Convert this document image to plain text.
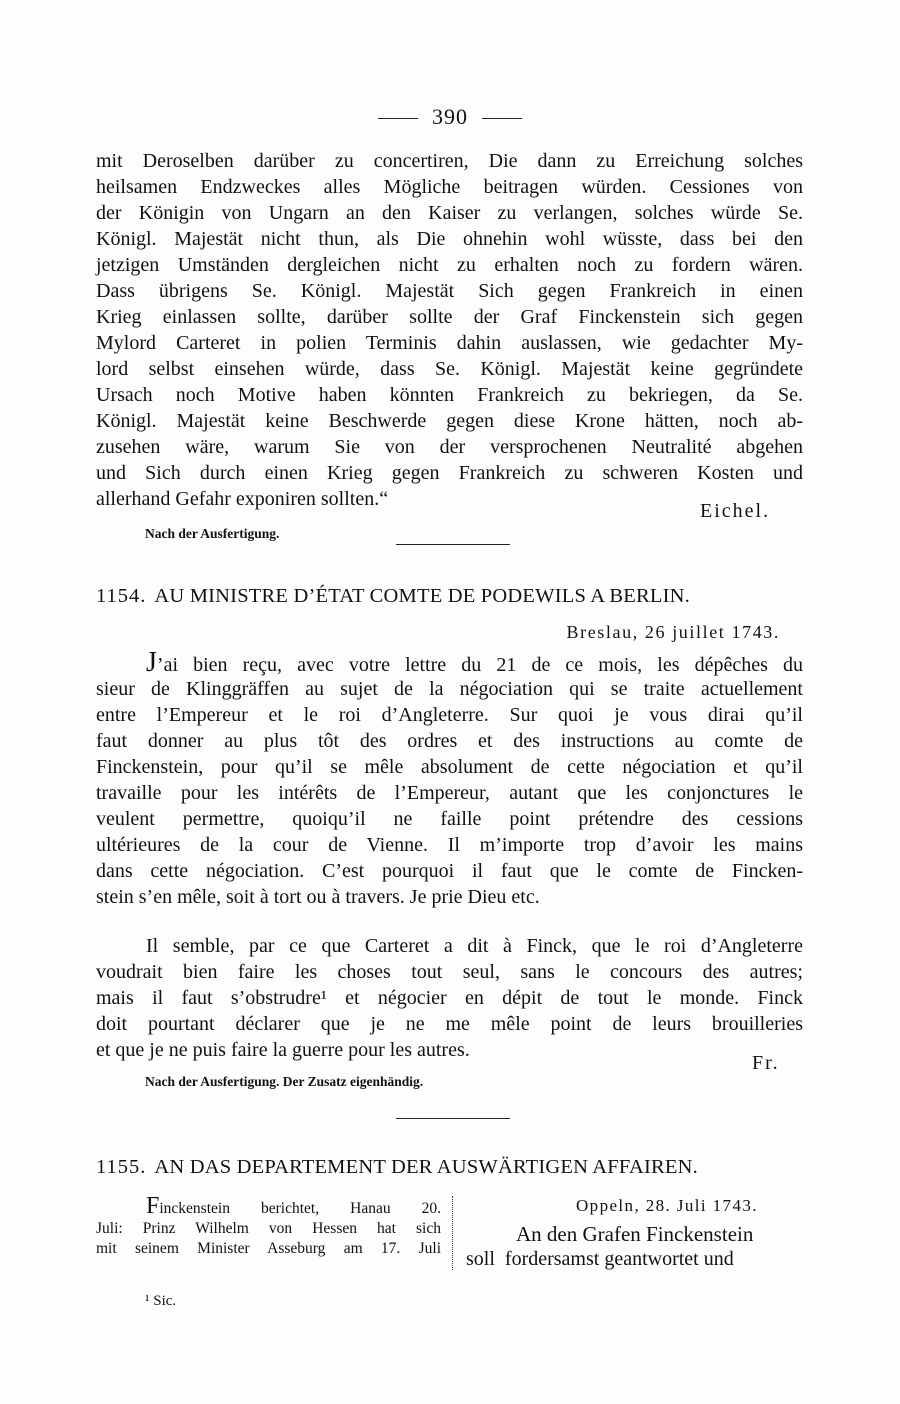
390
mit Deroselben darüber zu concertiren, Die dann zu Erreichung solches
heilsamen Endzweckes alles Mögliche beitragen würden. Cessiones von
der Königin von Ungarn an den Kaiser zu verlangen, solches würde Se.
Königl. Majestät nicht thun, als Die ohnehin wohl wüsste, dass bei den
jetzigen Umständen dergleichen nicht zu erhalten noch zu fordern wären.
Dass übrigens Se. Königl. Majestät Sich gegen Frankreich in einen
Krieg einlassen sollte, darüber sollte der Graf Finckenstein sich gegen
Mylord Carteret in polien Terminis dahin auslassen, wie gedachter My-
lord selbst einsehen würde, dass Se. Königl. Majestät keine gegründete
Ursach noch Motive haben könnten Frankreich zu bekriegen, da Se.
Königl. Majestät keine Beschwerde gegen diese Krone hätten, noch ab-
zusehen wäre, warum Sie von der versprochenen Neutralité abgehen
und Sich durch einen Krieg gegen Frankreich zu schweren Kosten und
allerhand Gefahr exponiren sollten.“
Eichel.
Nach der Ausfertigung.
1154. AU MINISTRE D’ÉTAT COMTE DE PODEWILS A BERLIN.
Breslau, 26 juillet 1743.
J’ai bien reçu, avec votre lettre du 21 de ce mois, les dépêches du
sieur de Klinggräffen au sujet de la négociation qui se traite actuellement
entre l’Empereur et le roi d’Angleterre. Sur quoi je vous dirai qu’il
faut donner au plus tôt des ordres et des instructions au comte de
Finckenstein, pour qu’il se mêle absolument de cette négociation et qu’il
travaille pour les intérêts de l’Empereur, autant que les conjonctures le
veulent permettre, quoiqu’il ne faille point prétendre des cessions
ultérieures de la cour de Vienne. Il m’importe trop d’avoir les mains
dans cette négociation. C’est pourquoi il faut que le comte de Fincken-
stein s’en mêle, soit à tort ou à travers. Je prie Dieu etc.
Il semble, par ce que Carteret a dit à Finck, que le roi d’Angleterre
voudrait bien faire les choses tout seul, sans le concours des autres;
mais il faut s’obstrudre¹ et négocier en dépit de tout le monde. Finck
doit pourtant déclarer que je ne me mêle point de leurs brouilleries
et que je ne puis faire la guerre pour les autres.
Fr.
Nach der Ausfertigung. Der Zusatz eigenhändig.
1155. AN DAS DEPARTEMENT DER AUSWÄRTIGEN AFFAIREN.
Finckenstein berichtet, Hanau 20.
Juli: Prinz Wilhelm von Hessen hat sich
mit seinem Minister Asseburg am 17. Juli
Oppeln, 28. Juli 1743.
An den Grafen Finckenstein
soll fordersamst geantwortet und
¹ Sic.
